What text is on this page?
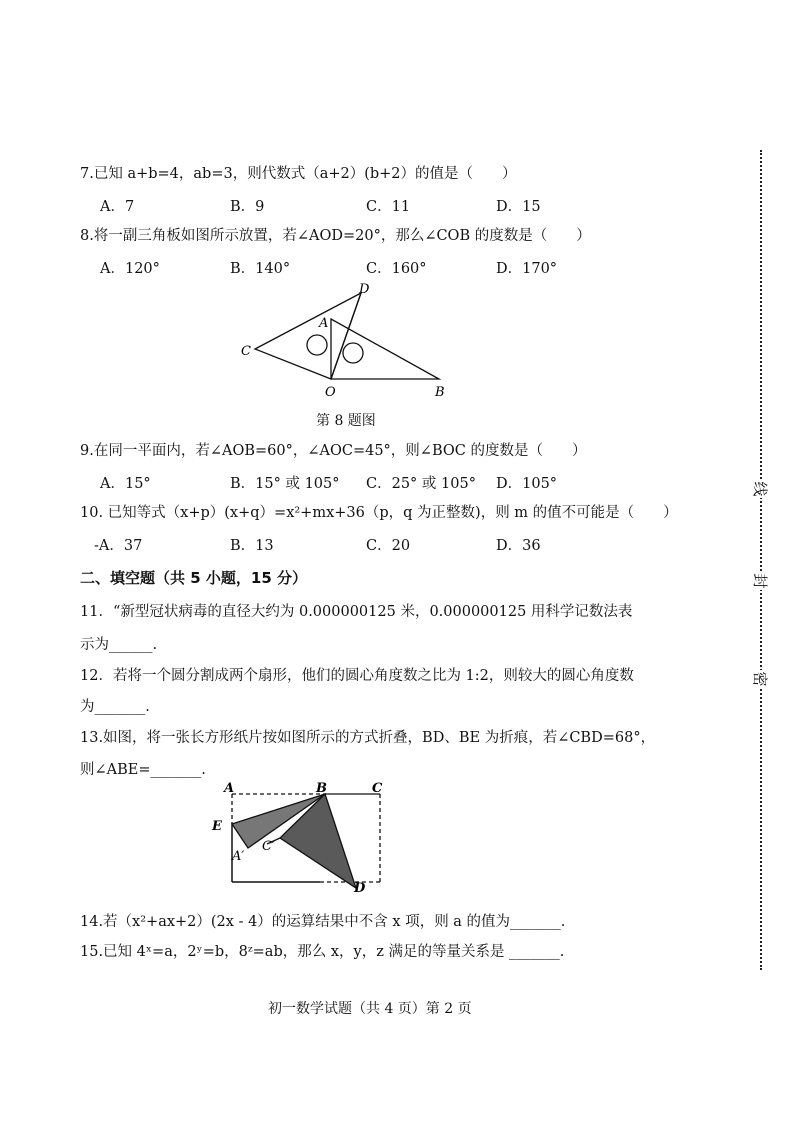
7.已知 a+b=4，ab=3，则代数式（a+2）(b+2）的值是（　　）
A．7	B．9	C．11	D．15
8.将一副三角板如图所示放置，若∠AOD=20°，那么∠COB 的度数是（　　）
A．120°	B．140°	C．160°	D．170°
C
A
D
O	B
第 8 题图
9.在同一平面内，若∠AOB=60°，∠AOC=45°，则∠BOC 的度数是（　　）
A．15°	B．15° 或 105° C．25° 或 105° D．105°
10. 已知等式（x+p）(x+q）=x²+mx+36（p，q 为正整数)，则 m 的值不可能是（　　）
-A．37	B．13	C．20	D．36
二、填空题（共 5 小题，15 分）
11．“新型冠状病毒的直径大约为 0.000000125 米，0.000000125 用科学记数法表
示为______.
12．若将一个圆分割成两个扇形，他们的圆心角度数之比为 1:2，则较大的圆心角度数
为_______.
13.如图，将一张长方形纸片按如图所示的方式折叠，BD、BE 为折痕，若∠CBD=68°，
则∠ABE=_______.
A	B	C
E
A′
C′
D
14.若（x²+ax+2）(2x - 4）的运算结果中不含 x 项，则 a 的值为_______.
15.已知 4ˣ=a，2ʸ=b，8ᶻ=ab，那么 x，y，z 满足的等量关系是 _______.
初一数学试题（共 4 页）第 2 页
线
封
密
